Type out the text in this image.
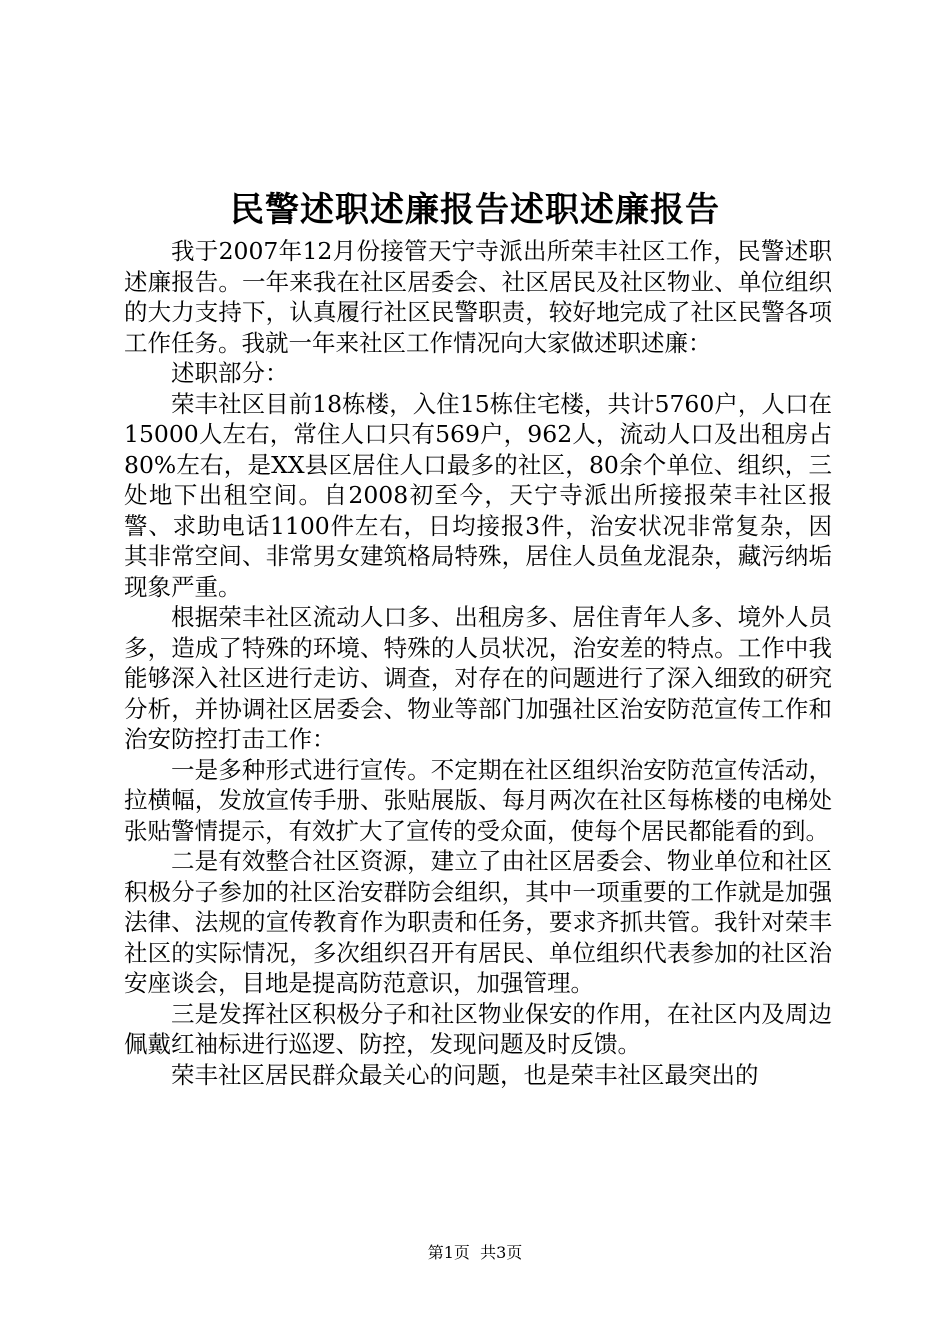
民警述职述廉报告述职述廉报告

我于2007年12月份接管天宁寺派出所荣丰社区工作，民警述职述廉报告。一年来我在社区居委会、社区居民及社区物业、单位组织的大力支持下，认真履行社区民警职责，较好地完成了社区民警各项工作任务。我就一年来社区工作情况向大家做述职述廉：

述职部分：

荣丰社区目前18栋楼，入住15栋住宅楼，共计5760户，人口在15000人左右，常住人口只有569户，962人，流动人口及出租房占80%左右，是XX县区居住人口最多的社区，80余个单位、组织，三处地下出租空间。自2008初至今，天宁寺派出所接报荣丰社区报警、求助电话1100件左右，日均接报3件，治安状况非常复杂，因其非常空间、非常男女建筑格局特殊，居住人员鱼龙混杂，藏污纳垢现象严重。

根据荣丰社区流动人口多、出租房多、居住青年人多、境外人员多，造成了特殊的环境、特殊的人员状况，治安差的特点。工作中我能够深入社区进行走访、调查，对存在的问题进行了深入细致的研究分析，并协调社区居委会、物业等部门加强社区治安防范宣传工作和治安防控打击工作：

一是多种形式进行宣传。不定期在社区组织治安防范宣传活动，拉横幅，发放宣传手册、张贴展版、每月两次在社区每栋楼的电梯处张贴警情提示，有效扩大了宣传的受众面，使每个居民都能看的到。

二是有效整合社区资源，建立了由社区居委会、物业单位和社区积极分子参加的社区治安群防会组织，其中一项重要的工作就是加强法律、法规的宣传教育作为职责和任务，要求齐抓共管。我针对荣丰社区的实际情况，多次组织召开有居民、单位组织代表参加的社区治安座谈会，目地是提高防范意识，加强管理。

三是发挥社区积极分子和社区物业保安的作用，在社区内及周边佩戴红袖标进行巡逻、防控，发现问题及时反馈。

荣丰社区居民群众最关心的问题，也是荣丰社区最突出的

第1页 共3页
